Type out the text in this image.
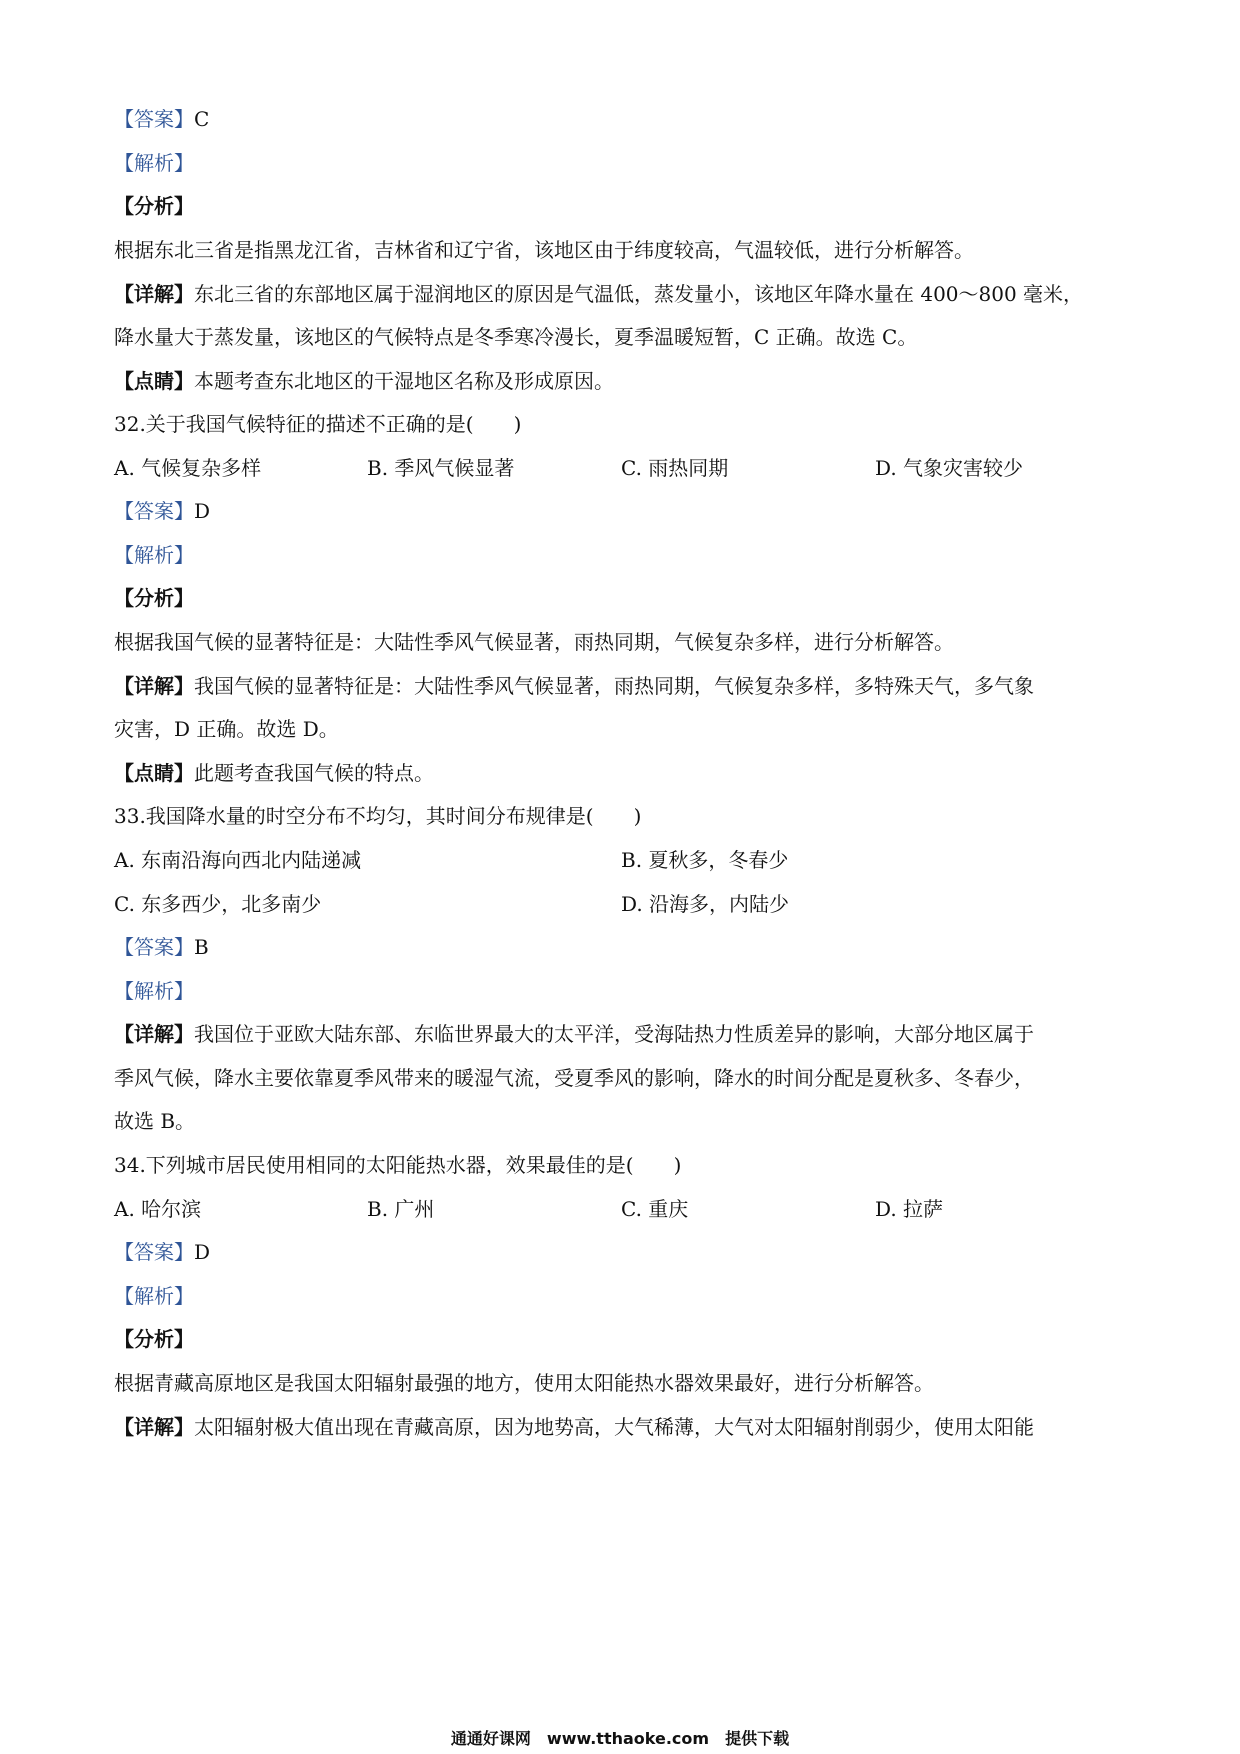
【答案】C
【解析】
【分析】
根据东北三省是指黑龙江省，吉林省和辽宁省，该地区由于纬度较高，气温较低，进行分析解答。
【详解】东北三省的东部地区属于湿润地区的原因是气温低，蒸发量小，该地区年降水量在 400～800 毫米，
降水量大于蒸发量，该地区的气候特点是冬季寒冷漫长，夏季温暖短暂，C 正确。故选 C。
【点睛】本题考查东北地区的干湿地区名称及形成原因。
32.关于我国气候特征的描述不正确的是(　　)
A. 气候复杂多样	B. 季风气候显著	C. 雨热同期	D. 气象灾害较少
【答案】D
【解析】
【分析】
根据我国气候的显著特征是：大陆性季风气候显著，雨热同期，气候复杂多样，进行分析解答。
【详解】我国气候的显著特征是：大陆性季风气候显著，雨热同期，气候复杂多样，多特殊天气，多气象
灾害，D 正确。故选 D。
【点睛】此题考查我国气候的特点。
33.我国降水量的时空分布不均匀，其时间分布规律是(　　)
A. 东南沿海向西北内陆递减	B. 夏秋多，冬春少
C. 东多西少，北多南少	D. 沿海多，内陆少
【答案】B
【解析】
【详解】我国位于亚欧大陆东部、东临世界最大的太平洋，受海陆热力性质差异的影响，大部分地区属于
季风气候，降水主要依靠夏季风带来的暖湿气流，受夏季风的影响，降水的时间分配是夏秋多、冬春少，
故选 B。
34.下列城市居民使用相同的太阳能热水器，效果最佳的是(　　)
A. 哈尔滨	B. 广州	C. 重庆	D. 拉萨
【答案】D
【解析】
【分析】
根据青藏高原地区是我国太阳辐射最强的地方，使用太阳能热水器效果最好，进行分析解答。
【详解】太阳辐射极大值出现在青藏高原，因为地势高，大气稀薄，大气对太阳辐射削弱少，使用太阳能
通通好课网　www.tthaoke.com　提供下载
